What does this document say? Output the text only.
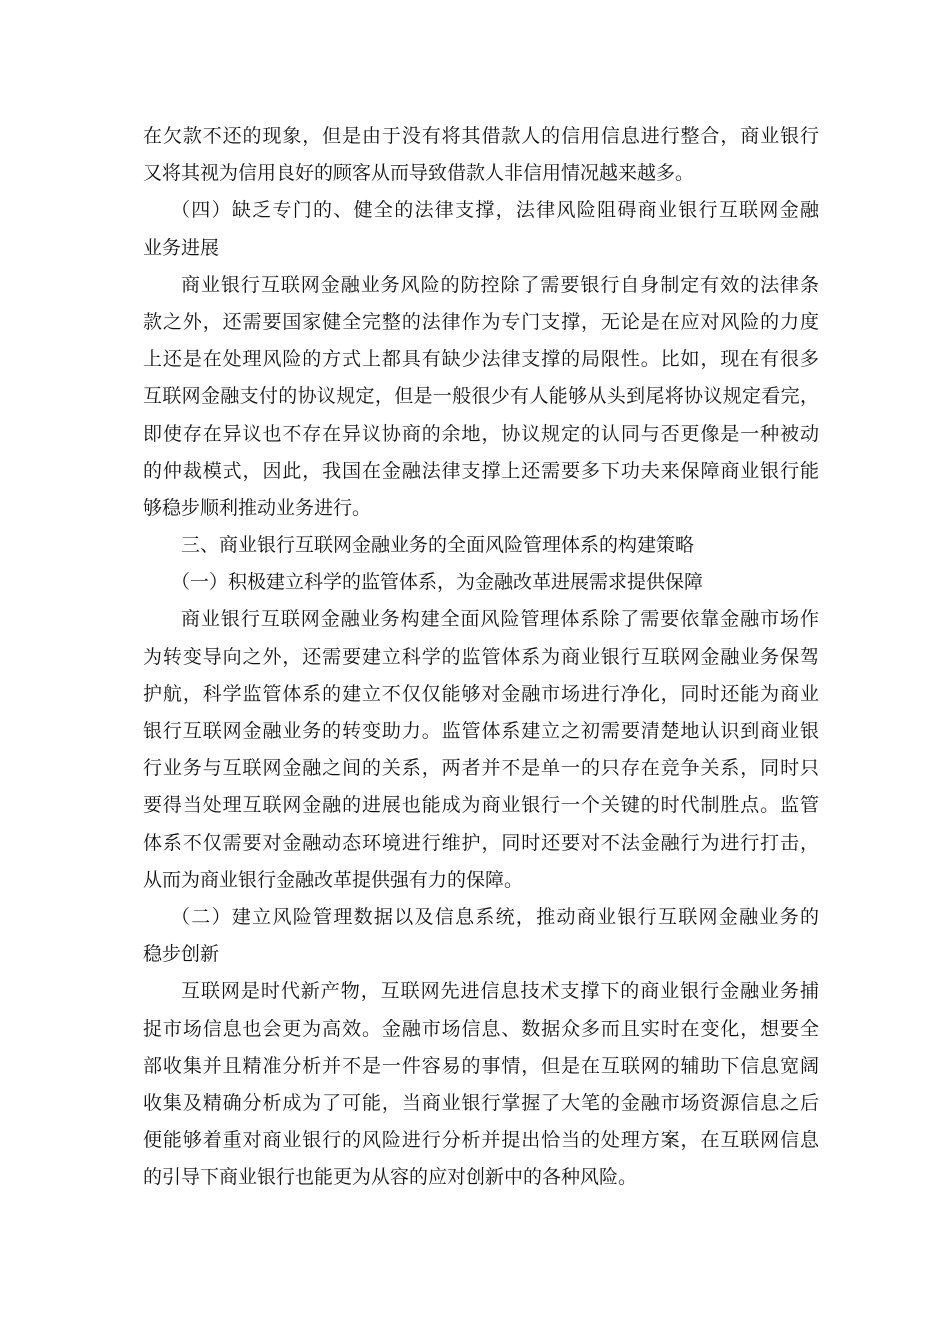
在欠款不还的现象，但是由于没有将其借款人的信用信息进行整合，商业银行
又将其视为信用良好的顾客从而导致借款人非信用情况越来越多。
（四）缺乏专门的、健全的法律支撑，法律风险阻碍商业银行互联网金融
业务进展
商业银行互联网金融业务风险的防控除了需要银行自身制定有效的法律条
款之外，还需要国家健全完整的法律作为专门支撑，无论是在应对风险的力度
上还是在处理风险的方式上都具有缺少法律支撑的局限性。比如，现在有很多
互联网金融支付的协议规定，但是一般很少有人能够从头到尾将协议规定看完，
即使存在异议也不存在异议协商的余地，协议规定的认同与否更像是一种被动
的仲裁模式，因此，我国在金融法律支撑上还需要多下功夫来保障商业银行能
够稳步顺利推动业务进行。
三、商业银行互联网金融业务的全面风险管理体系的构建策略
（一）积极建立科学的监管体系，为金融改革进展需求提供保障
商业银行互联网金融业务构建全面风险管理体系除了需要依靠金融市场作
为转变导向之外，还需要建立科学的监管体系为商业银行互联网金融业务保驾
护航，科学监管体系的建立不仅仅能够对金融市场进行净化，同时还能为商业
银行互联网金融业务的转变助力。监管体系建立之初需要清楚地认识到商业银
行业务与互联网金融之间的关系，两者并不是单一的只存在竞争关系，同时只
要得当处理互联网金融的进展也能成为商业银行一个关键的时代制胜点。监管
体系不仅需要对金融动态环境进行维护，同时还要对不法金融行为进行打击，
从而为商业银行金融改革提供强有力的保障。
（二）建立风险管理数据以及信息系统，推动商业银行互联网金融业务的
稳步创新
互联网是时代新产物，互联网先进信息技术支撑下的商业银行金融业务捕
捉市场信息也会更为高效。金融市场信息、数据众多而且实时在变化，想要全
部收集并且精准分析并不是一件容易的事情，但是在互联网的辅助下信息宽阔
收集及精确分析成为了可能，当商业银行掌握了大笔的金融市场资源信息之后
便能够着重对商业银行的风险进行分析并提出恰当的处理方案，在互联网信息
的引导下商业银行也能更为从容的应对创新中的各种风险。
